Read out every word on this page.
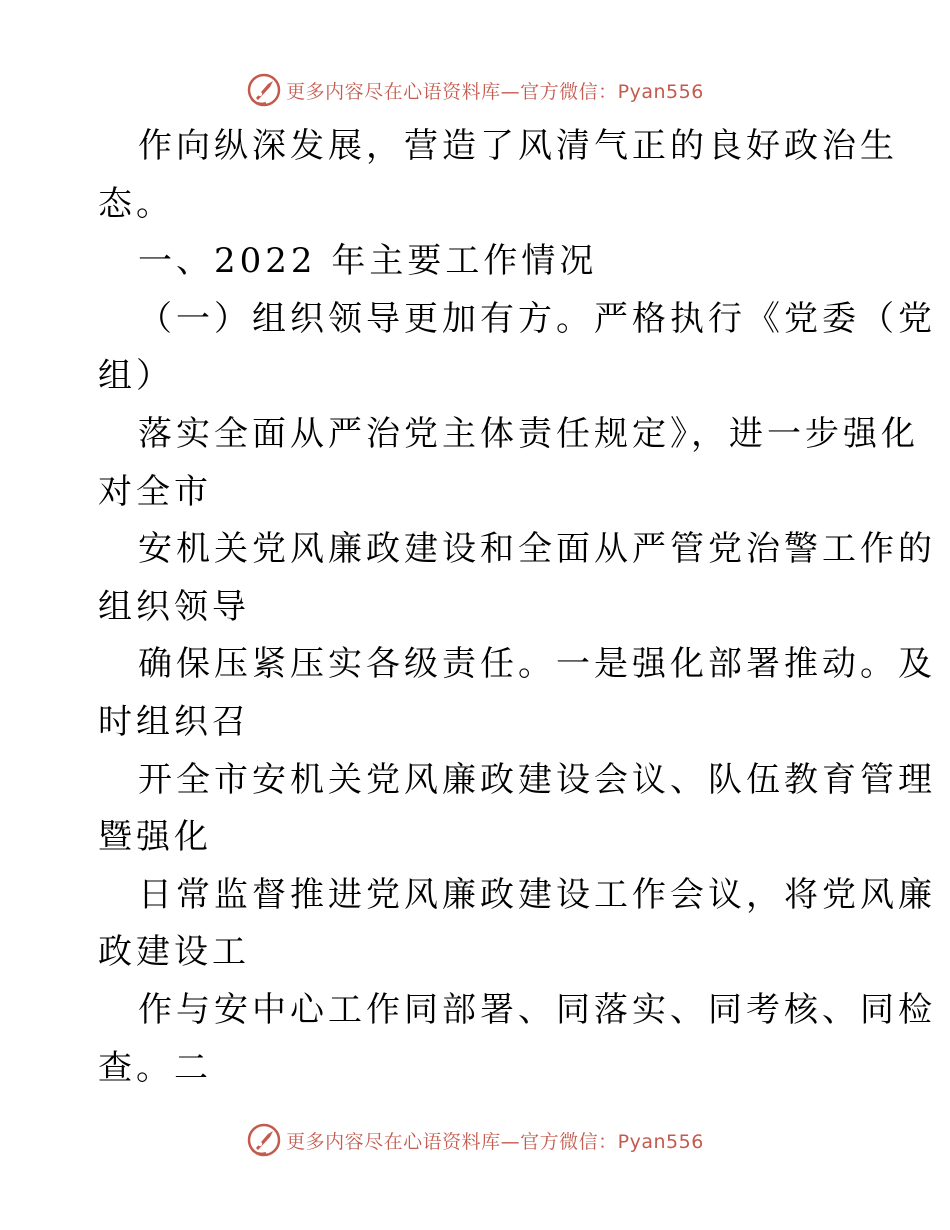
更多内容尽在心语资料库—官方微信：Pyan556
作向纵深发展，营造了风清气正的良好政治生
态。
一、2022 年主要工作情况
（一）组织领导更加有方。严格执行《党委（党
组）
落实全面从严治党主体责任规定》，进一步强化
对全市
安机关党风廉政建设和全面从严管党治警工作的
组织领导
确保压紧压实各级责任。一是强化部署推动。及
时组织召
开全市安机关党风廉政建设会议、队伍教育管理
暨强化
日常监督推进党风廉政建设工作会议，将党风廉
政建设工
作与安中心工作同部署、同落实、同考核、同检
查。二
更多内容尽在心语资料库—官方微信：Pyan556
